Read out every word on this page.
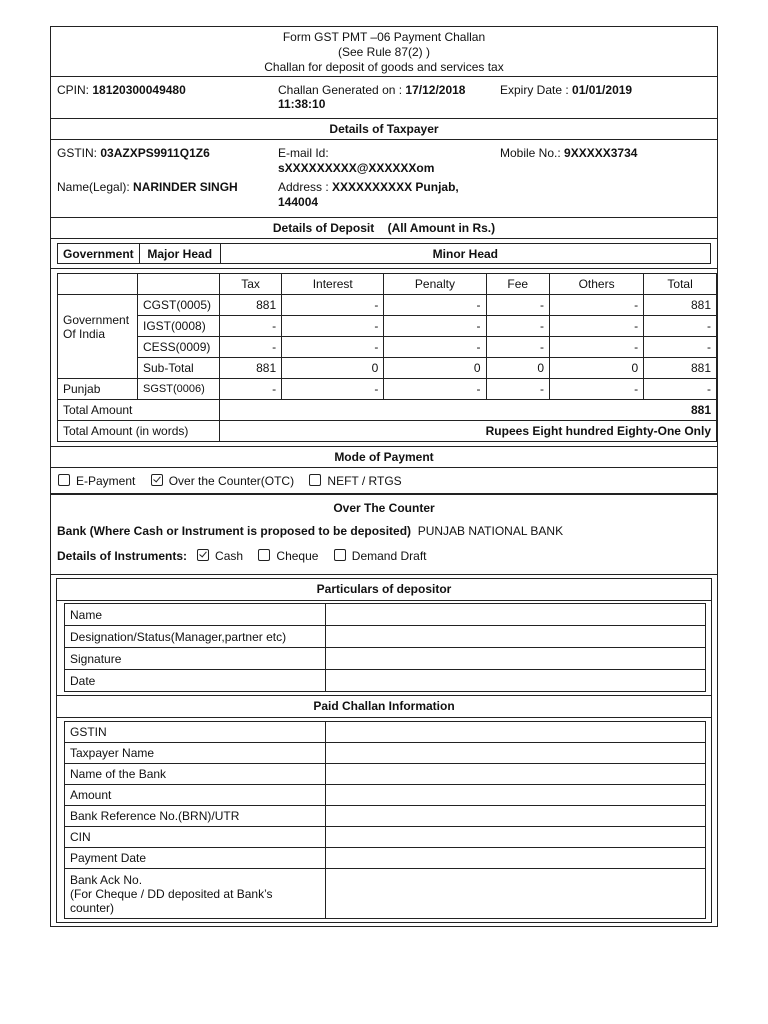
Form GST PMT –06 Payment Challan
(See Rule 87(2) )
Challan for deposit of goods and services tax
CPIN: 18120300049480	Challan Generated on : 17/12/2018
11:38:10
Expiry Date : 01/01/2019
Details of Taxpayer
GSTIN: 03AZXPS9911Q1Z6	E-mail Id:
sXXXXXXXXX@XXXXXXom
Mobile No.: 9XXXXX3734
Name(Legal): NARINDER SINGH	Address : XXXXXXXXXX Punjab,
144004
Details of Deposit (All Amount in Rs.)
Government	Major Head	Minor Head
		Tax	Interest	Penalty	Fee	Others	Total
Government Of India	CGST(0005)	881	-	-	-	-	881
	IGST(0008)	-	-	-	-	-	-
	CESS(0009)	-	-	-	-	-	-
	Sub-Total	881	0	0	0	0	881
Punjab	SGST(0006)	-	-	-	-	-	-
Total Amount		881					
Total Amount (in words)		Rupees Eight hundred Eighty-One Only					
Mode of Payment
E-Payment	Over the Counter(OTC)	NEFT / RTGS
Over The Counter
Bank (Where Cash or Instrument is proposed to be deposited) PUNJAB NATIONAL BANK
Details of Instruments: Cash	Cheque	Demand Draft
Particulars of depositor
Name	
Designation/Status(Manager,partner etc)	
Signature	
Date	
Paid Challan Information
GSTIN	
Taxpayer Name	
Name of the Bank	
Amount	
Bank Reference No.(BRN)/UTR	
CIN	
Payment Date	

Bank Ack No.
(For Cheque / DD deposited at Bank’s
counter)	
